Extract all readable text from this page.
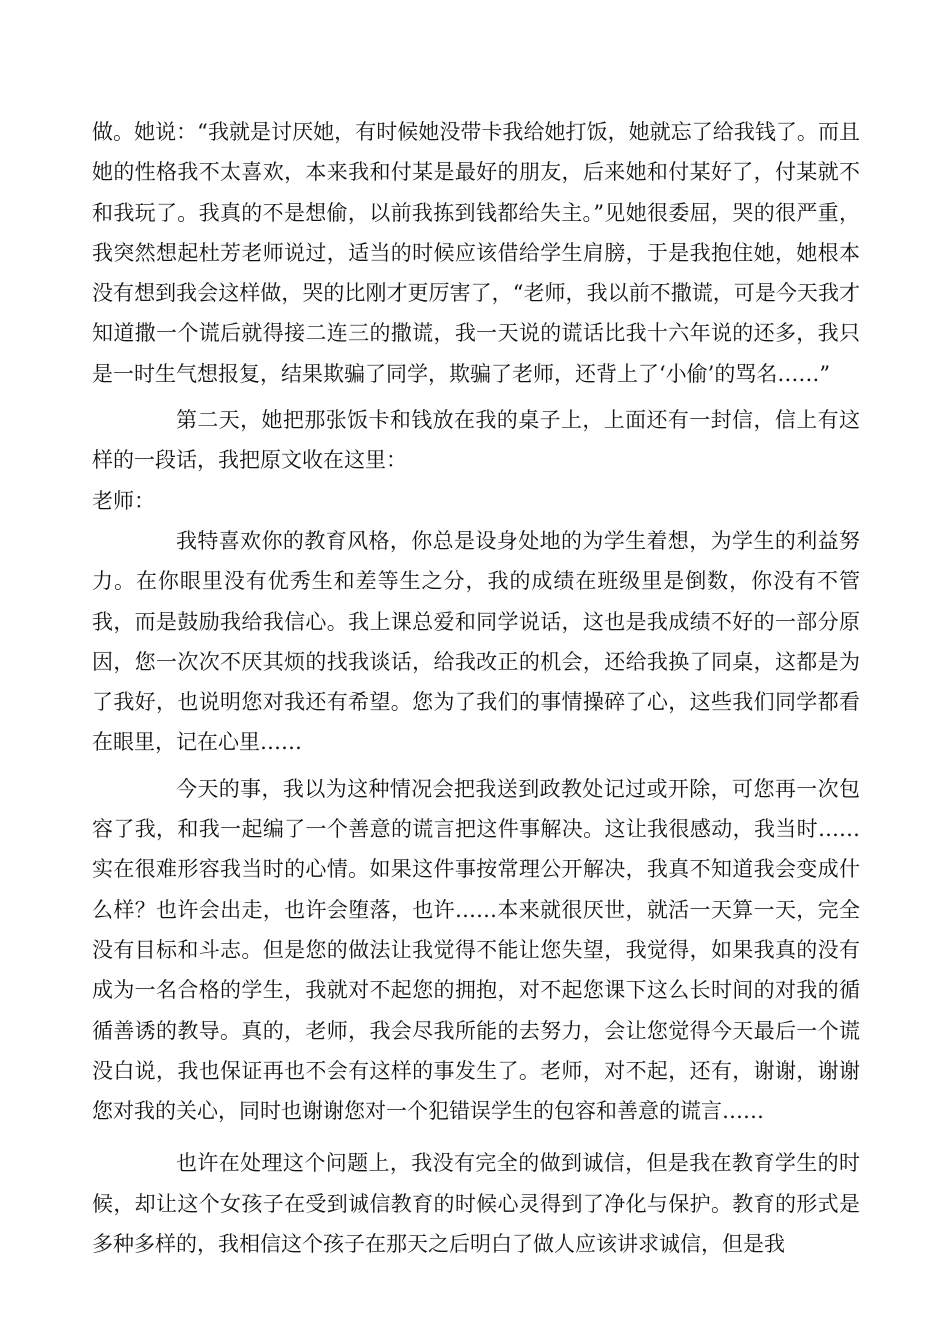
做。她说：“我就是讨厌她，有时候她没带卡我给她打饭，她就忘了给我钱了。而且她的性格我不太喜欢，本来我和付某是最好的朋友，后来她和付某好了，付某就不和我玩了。我真的不是想偷，以前我拣到钱都给失主。”见她很委屈，哭的很严重，我突然想起杜芳老师说过，适当的时候应该借给学生肩膀，于是我抱住她，她根本没有想到我会这样做，哭的比刚才更厉害了，“老师，我以前不撒谎，可是今天我才知道撒一个谎后就得接二连三的撒谎，我一天说的谎话比我十六年说的还多，我只是一时生气想报复，结果欺骗了同学，欺骗了老师，还背上了‘小偷’的骂名……”

第二天，她把那张饭卡和钱放在我的桌子上，上面还有一封信，信上有这样的一段话，我把原文收在这里：

老师：

我特喜欢你的教育风格，你总是设身处地的为学生着想，为学生的利益努力。在你眼里没有优秀生和差等生之分，我的成绩在班级里是倒数，你没有不管我，而是鼓励我给我信心。我上课总爱和同学说话，这也是我成绩不好的一部分原因，您一次次不厌其烦的找我谈话，给我改正的机会，还给我换了同桌，这都是为了我好，也说明您对我还有希望。您为了我们的事情操碎了心，这些我们同学都看在眼里，记在心里……

今天的事，我以为这种情况会把我送到政教处记过或开除，可您再一次包容了我，和我一起编了一个善意的谎言把这件事解决。这让我很感动，我当时……实在很难形容我当时的心情。如果这件事按常理公开解决，我真不知道我会变成什么样？也许会出走，也许会堕落，也许……本来就很厌世，就活一天算一天，完全没有目标和斗志。但是您的做法让我觉得不能让您失望，我觉得，如果我真的没有成为一名合格的学生，我就对不起您的拥抱，对不起您课下这么长时间的对我的循循善诱的教导。真的，老师，我会尽我所能的去努力，会让您觉得今天最后一个谎没白说，我也保证再也不会有这样的事发生了。老师，对不起，还有，谢谢，谢谢您对我的关心，同时也谢谢您对一个犯错误学生的包容和善意的谎言……

也许在处理这个问题上，我没有完全的做到诚信，但是我在教育学生的时候，却让这个女孩子在受到诚信教育的时候心灵得到了净化与保护。教育的形式是多种多样的，我相信这个孩子在那天之后明白了做人应该讲求诚信，但是我
